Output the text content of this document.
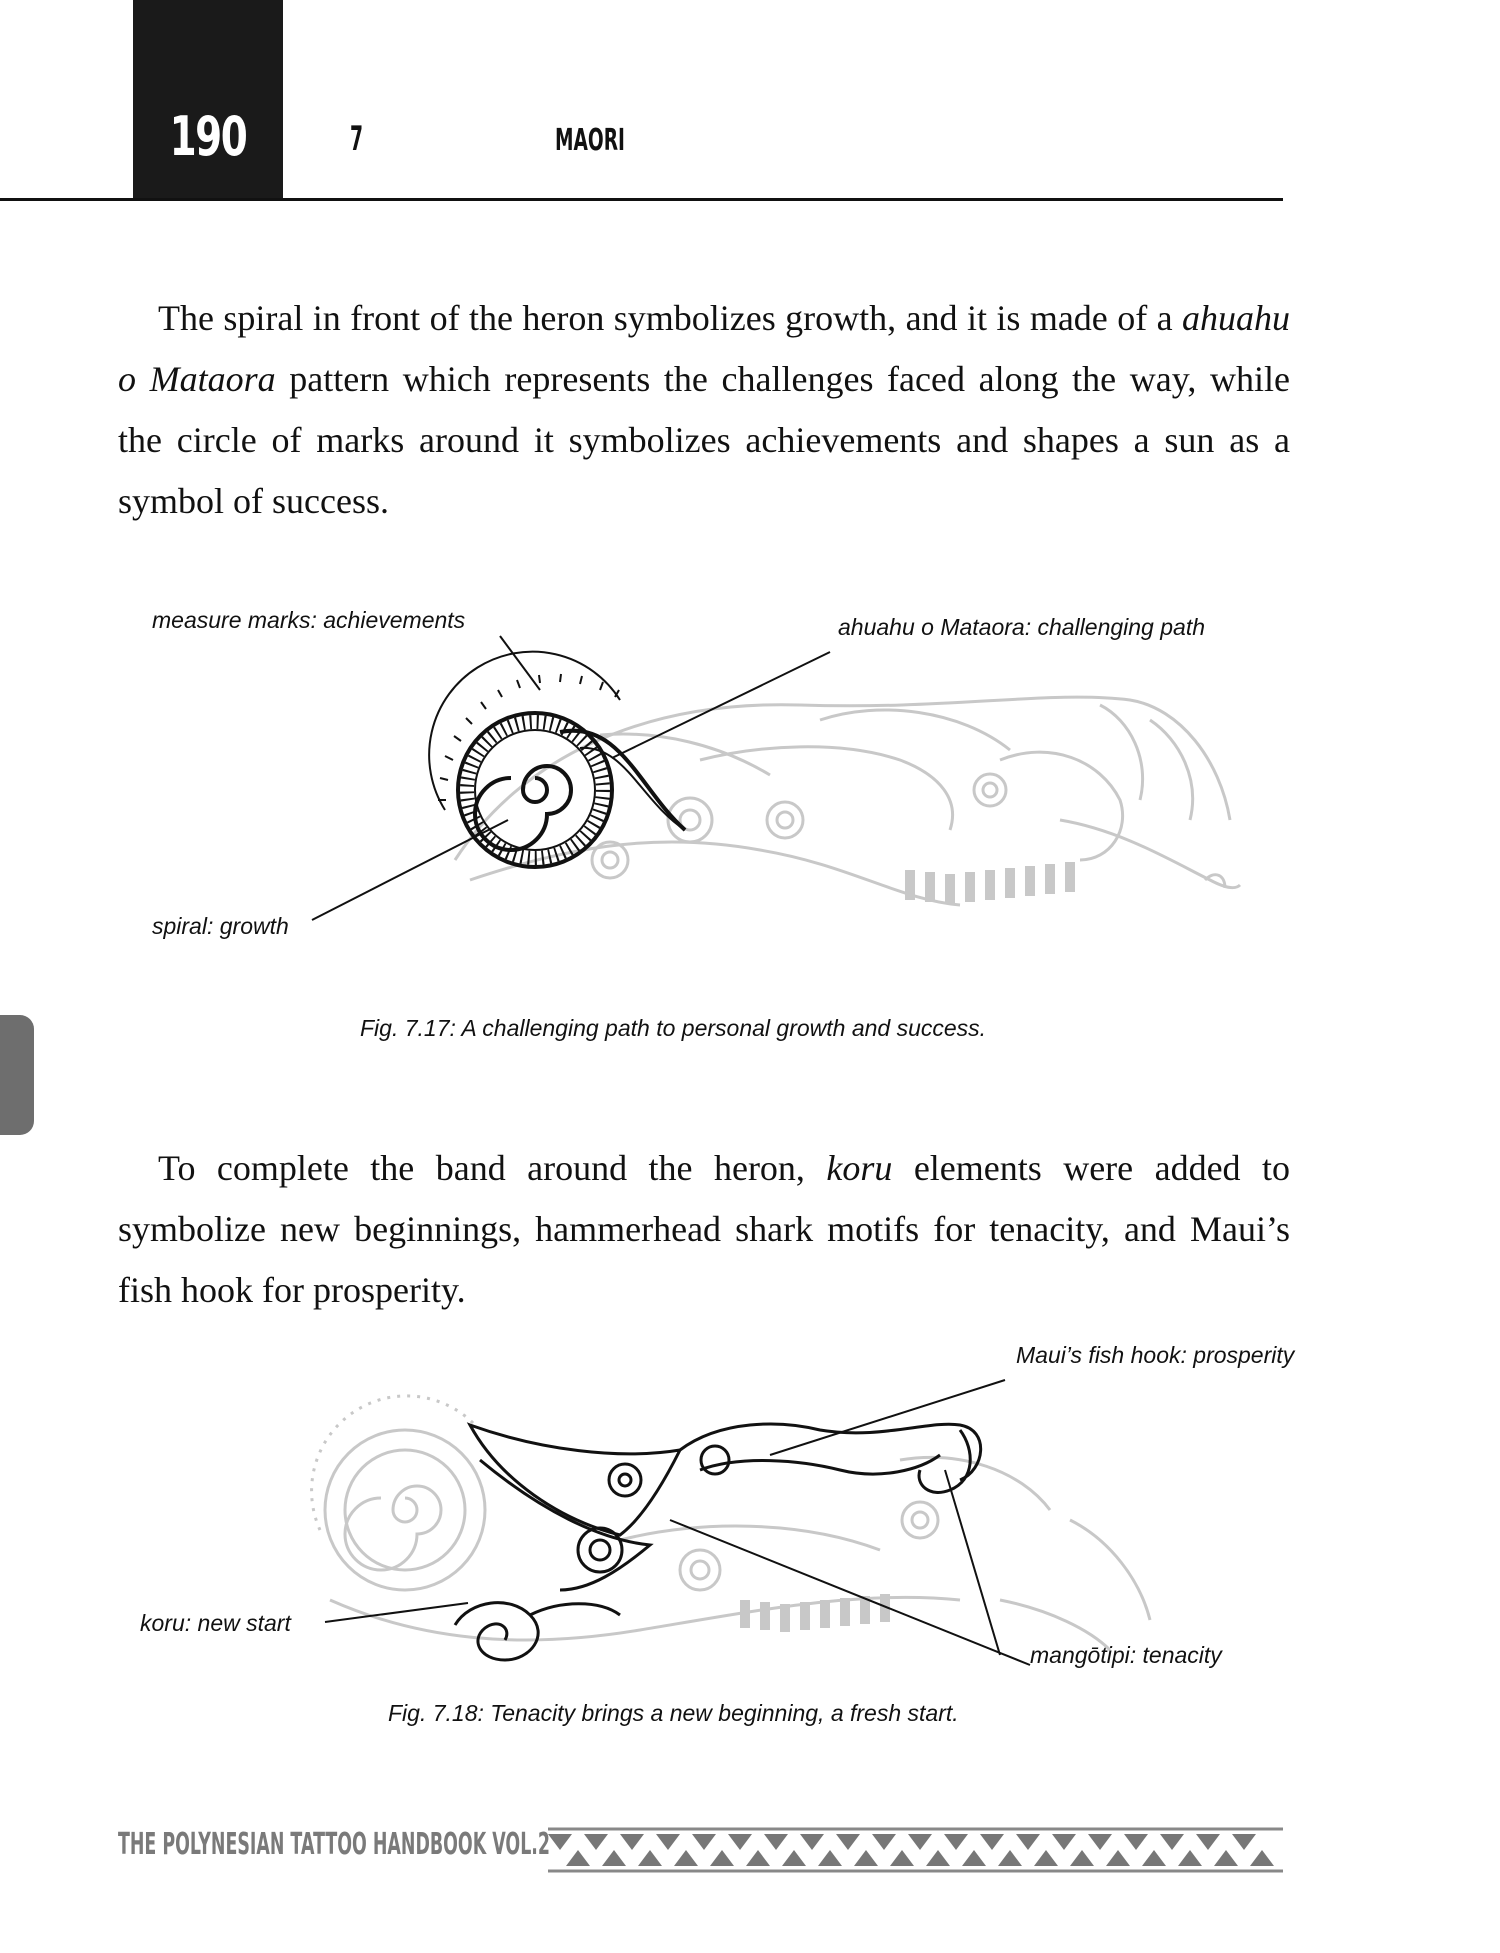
190	7	MAORI

The spiral in front of the heron symbolizes growth, and it is made of a ahuahu o Mataora pattern which represents the challenges faced along the way, while the circle of marks around it symbolizes achievements and shapes a sun as a symbol of success.

measure marks: achievements	ahuahu o Mataora: challenging path
spiral: growth
Fig. 7.17: A challenging path to personal growth and success.

To complete the band around the heron, koru elements were added to symbolize new beginnings, hammerhead shark motifs for tenacity, and Maui’s fish hook for prosperity.

Maui’s fish hook: prosperity
koru: new start
mangōtipi: tenacity
Fig. 7.18: Tenacity brings a new beginning, a fresh start.
THE POLYNESIAN TATTOO HANDBOOK VOL.2
